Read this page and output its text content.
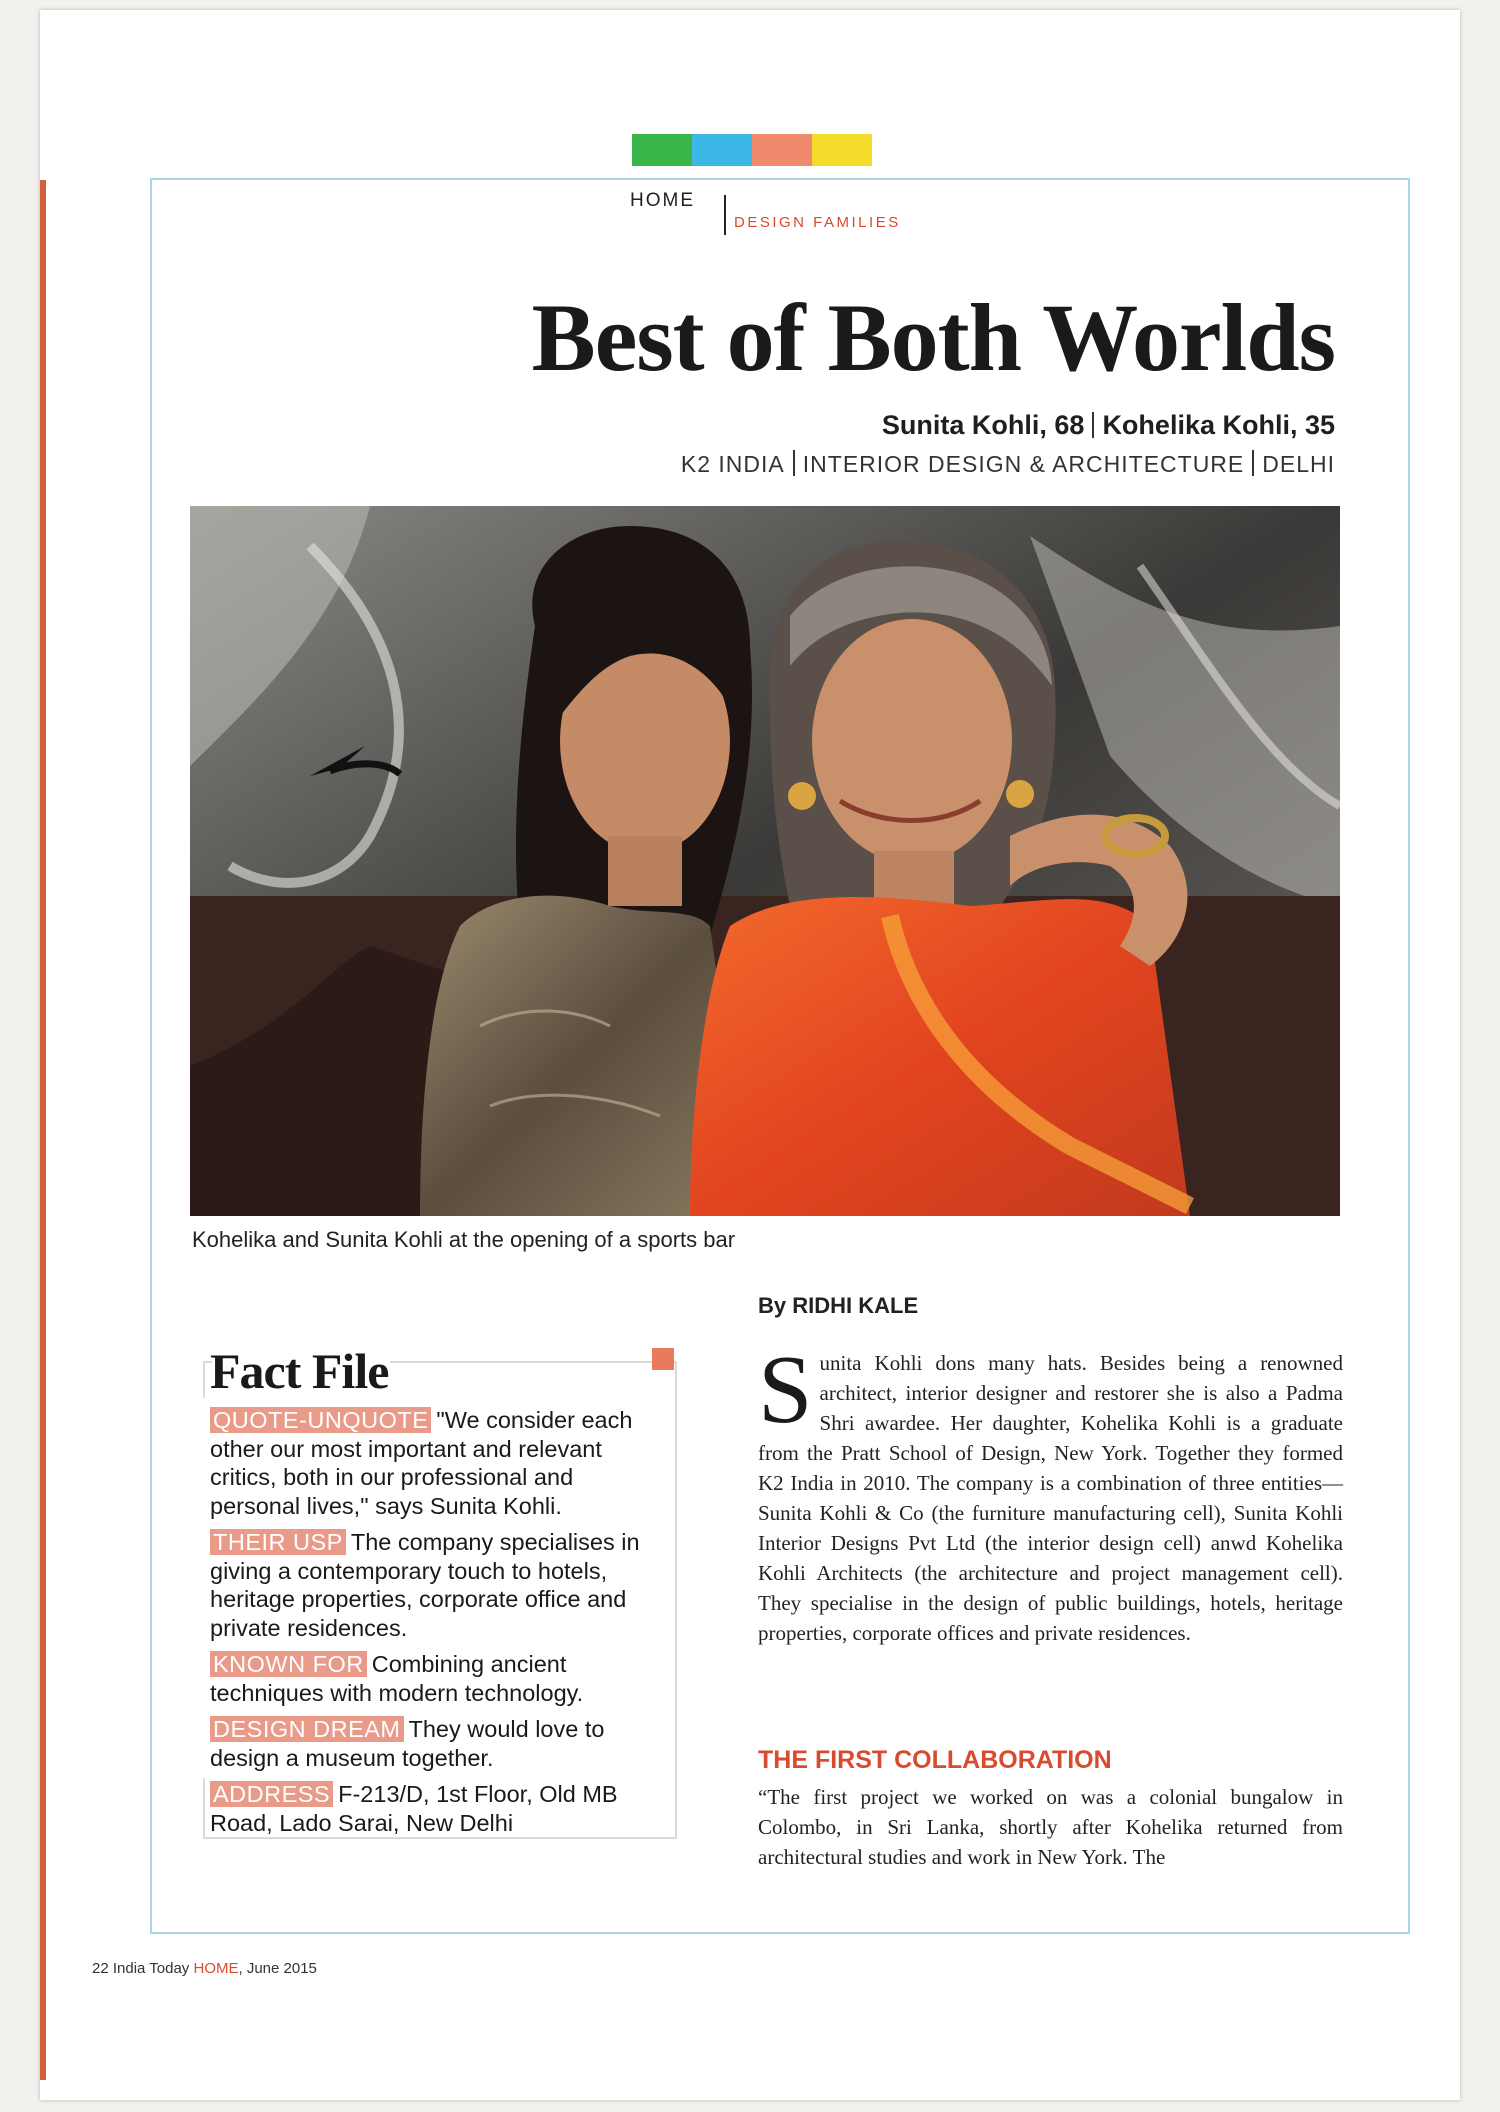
HOME
DESIGN FAMILIES
Best of Both Worlds
Sunita Kohli, 68 Kohelika Kohli, 35
K2 INDIA INTERIOR DESIGN & ARCHITECTURE DELHI
Kohelika and Sunita Kohli at the opening of a sports bar
By RIDHI KALE
Fact File
QUOTE-UNQUOTE "We consider each other our most important and relevant critics, both in our professional and personal lives," says Sunita Kohli.
THEIR USP The company specialises in giving a contemporary touch to hotels, heritage properties, corporate office and private residences.
KNOWN FOR Combining ancient techniques with modern technology.
DESIGN DREAM They would love to design a museum together.
ADDRESS F-213/D, 1st Floor, Old MB Road, Lado Sarai, New Delhi
Sunita Kohli dons many hats. Besides being a renowned architect, interior designer and restorer she is also a Padma Shri awardee. Her daughter, Kohelika Kohli is a graduate from the Pratt School of Design, New York. Together they formed K2 India in 2010. The company is a combination of three entities—Sunita Kohli & Co (the furniture manufacturing cell), Sunita Kohli Interior Designs Pvt Ltd (the interior design cell) anwd Kohelika Kohli Architects (the architecture and project management cell). They specialise in the design of public buildings, hotels, heritage properties, corporate offices and private residences.
THE FIRST COLLABORATION
“The first project we worked on was a colonial bungalow in Colombo, in Sri Lanka, shortly after Kohelika returned from architectural studies and work in New York. The
22 India Today HOME, June 2015
